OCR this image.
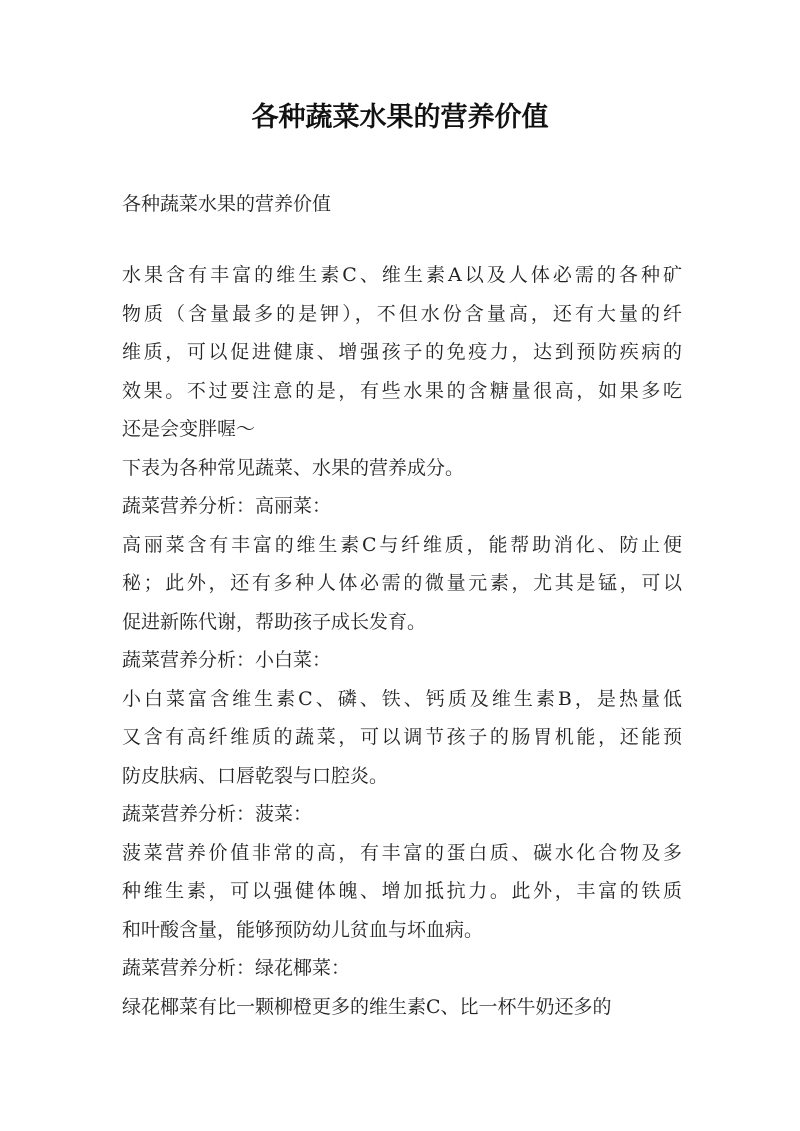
各种蔬菜水果的营养价值

各种蔬菜水果的营养价值

水果含有丰富的维生素C、维生素A以及人体必需的各种矿
物质（含量最多的是钾），不但水份含量高，还有大量的纤
维质，可以促进健康、增强孩子的免疫力，达到预防疾病的
效果。不过要注意的是，有些水果的含糖量很高，如果多吃
还是会变胖喔～
下表为各种常见蔬菜、水果的营养成分。
蔬菜营养分析：高丽菜：
高丽菜含有丰富的维生素C与纤维质，能帮助消化、防止便
秘；此外，还有多种人体必需的微量元素，尤其是锰，可以
促进新陈代谢，帮助孩子成长发育。
蔬菜营养分析：小白菜：
小白菜富含维生素C、磷、铁、钙质及维生素B，是热量低
又含有高纤维质的蔬菜，可以调节孩子的肠胃机能，还能预
防皮肤病、口唇乾裂与口腔炎。
蔬菜营养分析：菠菜：
菠菜营养价值非常的高，有丰富的蛋白质、碳水化合物及多
种维生素，可以强健体魄、增加抵抗力。此外，丰富的铁质
和叶酸含量，能够预防幼儿贫血与坏血病。
蔬菜营养分析：绿花椰菜：
绿花椰菜有比一颗柳橙更多的维生素C、比一杯牛奶还多的
